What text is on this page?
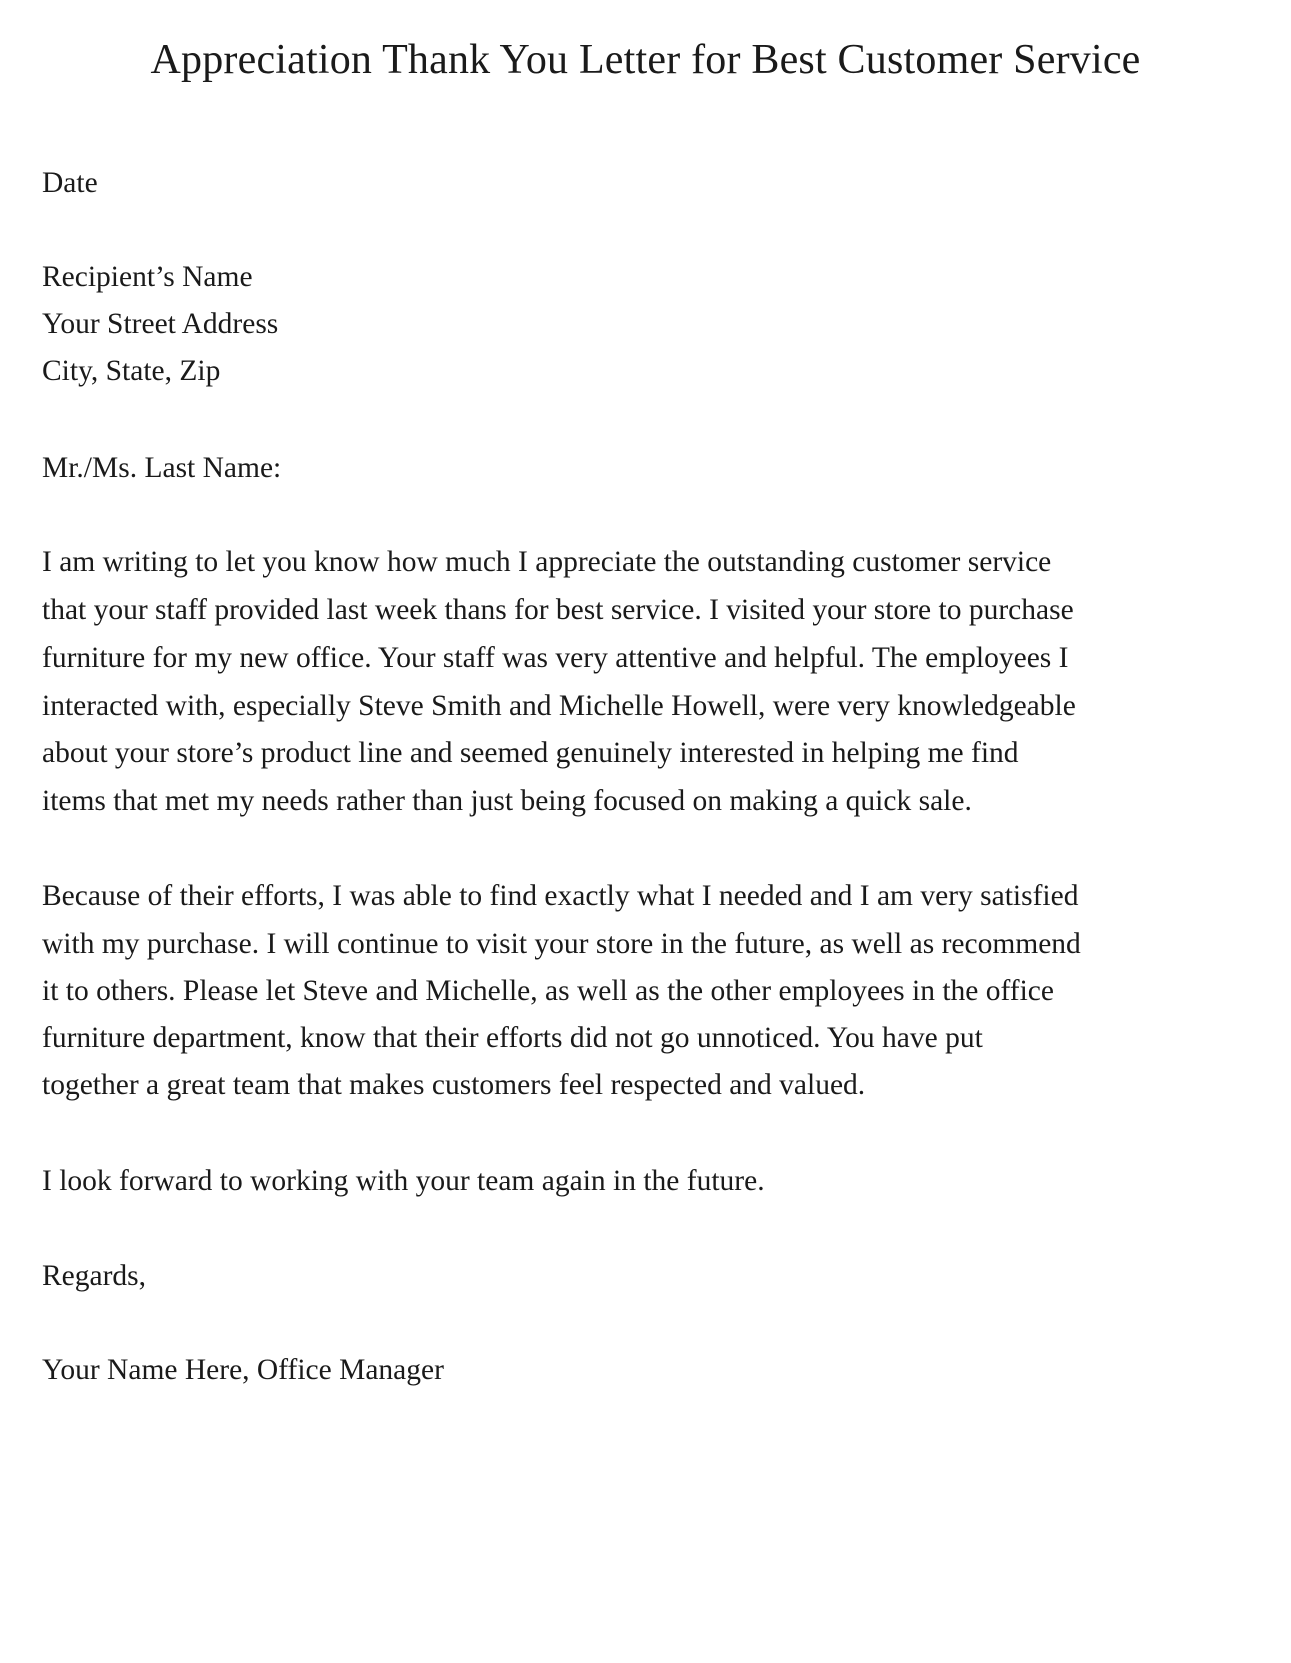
Appreciation Thank You Letter for Best Customer Service
Date
Recipient’s Name
Your Street Address
City, State, Zip
Mr./Ms. Last Name:
I am writing to let you know how much I appreciate the outstanding customer service
that your staff provided last week thans for best service. I visited your store to purchase
furniture for my new office. Your staff was very attentive and helpful. The employees I
interacted with, especially Steve Smith and Michelle Howell, were very knowledgeable
about your store’s product line and seemed genuinely interested in helping me find
items that met my needs rather than just being focused on making a quick sale.
Because of their efforts, I was able to find exactly what I needed and I am very satisfied
with my purchase. I will continue to visit your store in the future, as well as recommend
it to others. Please let Steve and Michelle, as well as the other employees in the office
furniture department, know that their efforts did not go unnoticed. You have put
together a great team that makes customers feel respected and valued.
I look forward to working with your team again in the future.
Regards,
Your Name Here, Office Manager
